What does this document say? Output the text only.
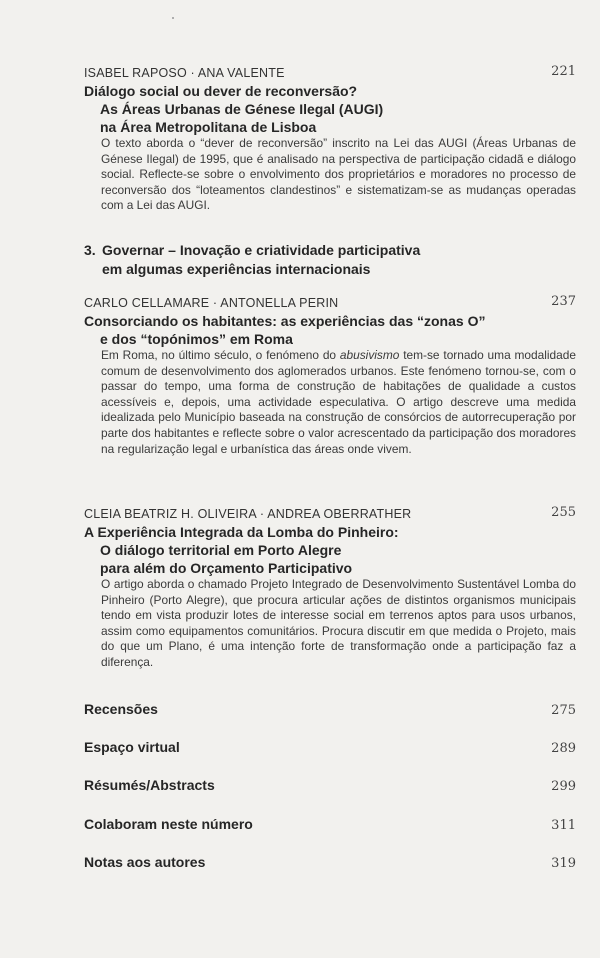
ISABEL RAPOSO · ANA VALENTE	221
Diálogo social ou dever de reconversão?
As Áreas Urbanas de Génese Ilegal (AUGI)
na Área Metropolitana de Lisboa
O texto aborda o “dever de reconversão” inscrito na Lei das AUGI (Áreas Urbanas de Génese Ilegal) de 1995, que é analisado na perspectiva de participação cidadã e diálogo social. Reflecte-se sobre o envolvimento dos proprietários e moradores no processo de reconversão dos “loteamentos clandestinos” e sistematizam-se as mudanças operadas com a Lei das AUGI.
3. Governar – Inovação e criatividade participativa
em algumas experiências internacionais
CARLO CELLAMARE · ANTONELLA PERIN	237
Consorciando os habitantes: as experiências das “zonas O”
e dos “topónimos” em Roma
Em Roma, no último século, o fenómeno do abusivismo tem-se tornado uma modalidade comum de desenvolvimento dos aglomerados urbanos. Este fenómeno tornou-se, com o passar do tempo, uma forma de construção de habitações de qualidade a custos acessíveis e, depois, uma actividade especulativa. O artigo descreve uma medida idealizada pelo Município baseada na construção de consórcios de autorrecuperação por parte dos habitantes e reflecte sobre o valor acrescentado da participação dos moradores na regularização legal e urbanística das áreas onde vivem.
CLEIA BEATRIZ H. OLIVEIRA · ANDREA OBERRATHER	255
A Experiência Integrada da Lomba do Pinheiro:
O diálogo territorial em Porto Alegre
para além do Orçamento Participativo
O artigo aborda o chamado Projeto Integrado de Desenvolvimento Sustentável Lomba do Pinheiro (Porto Alegre), que procura articular ações de distintos organismos municipais tendo em vista produzir lotes de interesse social em terrenos aptos para usos urbanos, assim como equipamentos comunitários. Procura discutir em que medida o Projeto, mais do que um Plano, é uma intenção forte de transformação onde a participação faz a diferença.
Recensões	275
Espaço virtual	289
Résumés/Abstracts	299
Colaboram neste número	311
Notas aos autores	319
